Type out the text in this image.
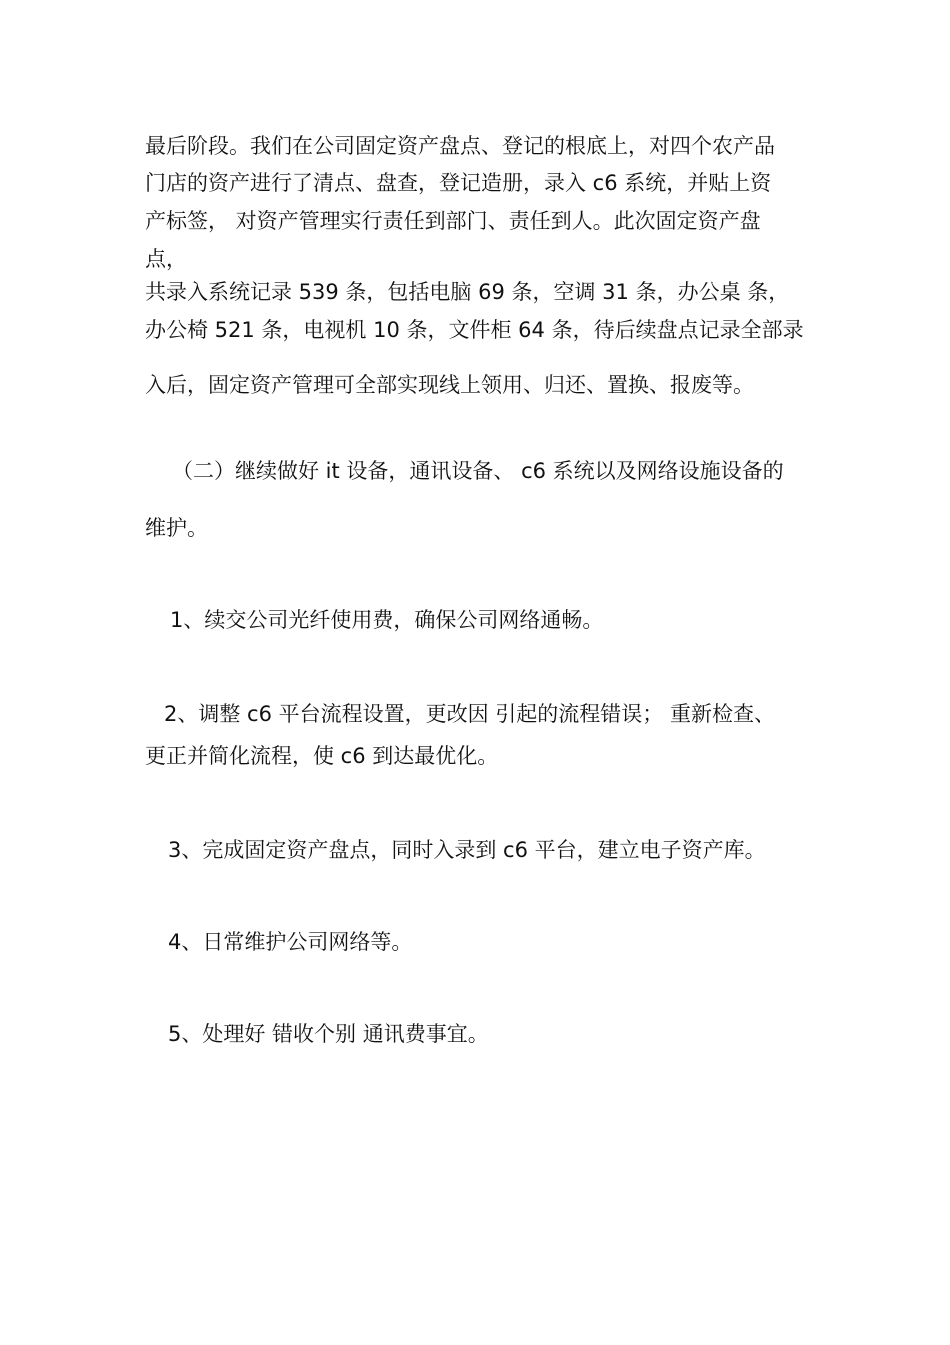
最后阶段。我们在公司固定资产盘点、登记的根底上，对四个农产品
门店的资产进行了清点、盘查，登记造册，录入 c6 系统，并贴上资
产标签， 对资产管理实行责任到部门、责任到人。此次固定资产盘
点，
共录入系统记录 539 条，包括电脑 69 条，空调 31 条，办公桌 条，
办公椅 521 条，电视机 10 条，文件柜 64 条，待后续盘点记录全部录
入后，固定资产管理可全部实现线上领用、归还、置换、报废等。
（二）继续做好 it 设备，通讯设备、 c6 系统以及网络设施设备的
维护。
1、续交公司光纤使用费，确保公司网络通畅。
2、调整 c6 平台流程设置，更改因 引起的流程错误； 重新检查、
更正并简化流程，使 c6 到达最优化。
3、完成固定资产盘点，同时入录到 c6 平台，建立电子资产库。
4、日常维护公司网络等。
5、处理好 错收个别 通讯费事宜。
